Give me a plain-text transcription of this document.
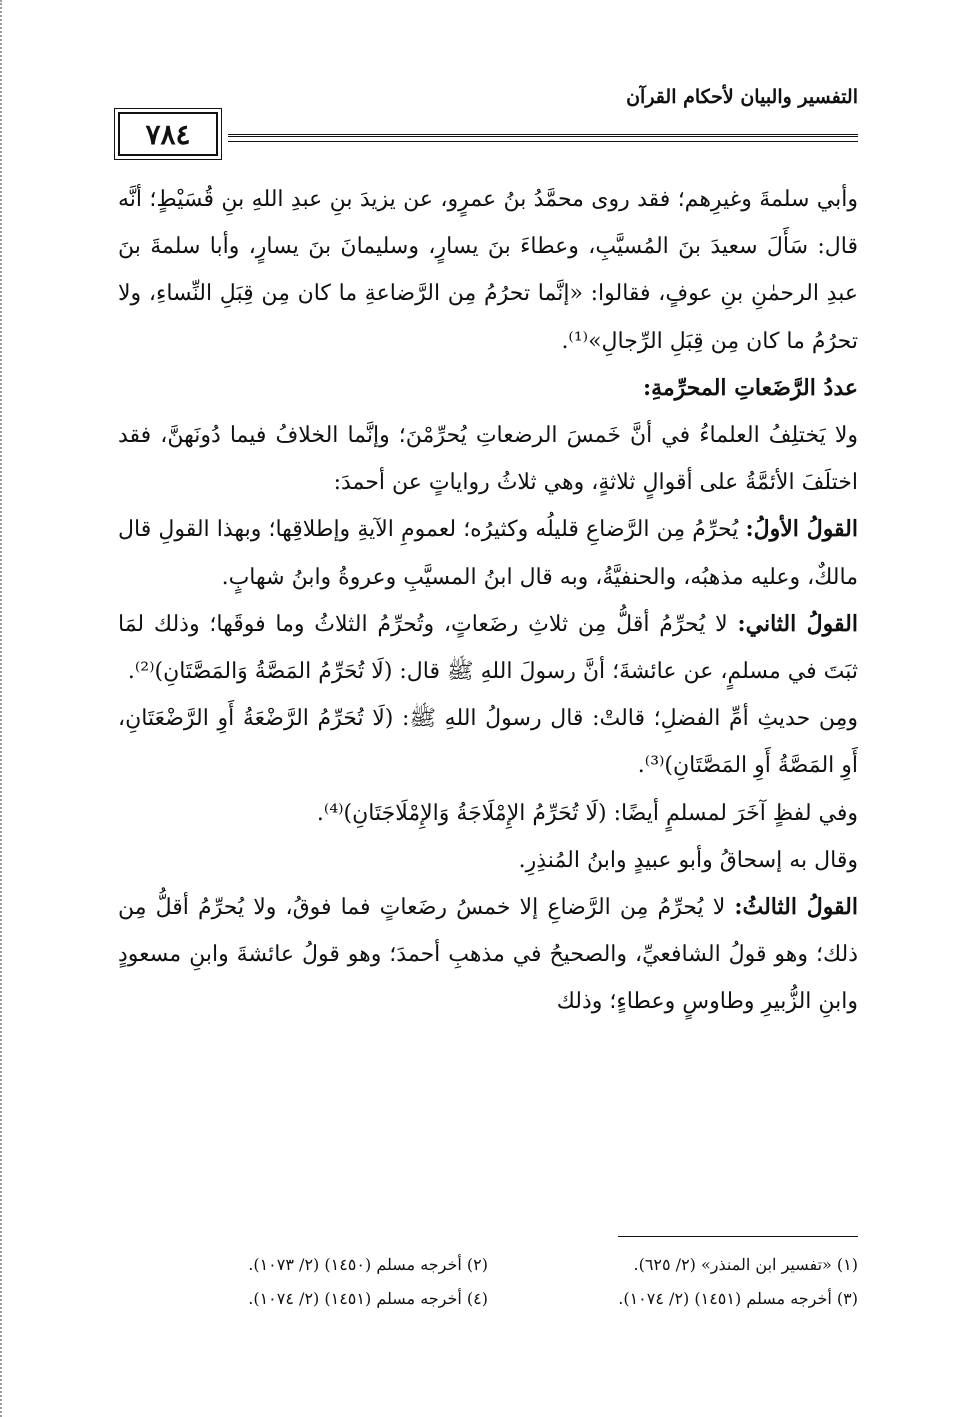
التفسير والبيان لأحكام القرآن
٧٨٤

وأبي سلمةَ وغيرِهم؛ فقد روى محمَّدُ بنُ عمرٍو، عن يزيدَ بنِ عبدِ اللهِ بنِ قُسَيْطٍ؛ أنَّه قال: سَأَلَ سعيدَ بنَ المُسيَّبِ، وعطاءَ بنَ يسارٍ، وسليمانَ بنَ يسارٍ، وأبا سلمةَ بنَ عبدِ الرحمٰنِ بنِ عوفٍ، فقالوا: «إنَّما تحرُمُ مِن الرَّضاعةِ ما كان مِن قِبَلِ النِّساءِ، ولا تحرُمُ ما كان مِن قِبَلِ الرِّجالِ»⁽¹⁾.

عددُ الرَّضَعاتِ المحرِّمةِ:

ولا يَختلِفُ العلماءُ في أنَّ خَمسَ الرضعاتِ يُحرِّمْنَ؛ وإنَّما الخلافُ فيما دُونَهنَّ، فقد اختلَفَ الأئمَّةُ على أقوالٍ ثلاثةٍ، وهي ثلاثُ رواياتٍ عن أحمدَ:

القولُ الأولُ: يُحرِّمُ مِن الرَّضاعِ قليلُه وكثيرُه؛ لعمومِ الآيةِ وإطلاقِها؛ وبهذا القولِ قال مالكٌ، وعليه مذهبُه، والحنفيَّةُ، وبه قال ابنُ المسيَّبِ وعروةُ وابنُ شهابٍ.

القولُ الثاني: لا يُحرِّمُ أقلُّ مِن ثلاثِ رضَعاتٍ، وتُحرِّمُ الثلاثُ وما فوقَها؛ وذلك لمَا ثبَتَ في مسلمٍ، عن عائشةَ؛ أنَّ رسولَ اللهِ ﷺ قال: (لَا تُحَرِّمُ المَصَّةُ وَالمَصَّتَانِ)⁽²⁾.

ومِن حديثِ أمِّ الفضلِ؛ قالتْ: قال رسولُ اللهِ ﷺ: (لَا تُحَرِّمُ الرَّضْعَةُ أَوِ الرَّضْعَتَانِ، أَوِ المَصَّةُ أَوِ المَصَّتَانِ)⁽³⁾.

وفي لفظٍ آخَرَ لمسلمٍ أيضًا: (لَا تُحَرِّمُ الإِمْلَاجَةُ وَالإِمْلَاجَتَانِ)⁽⁴⁾.

وقال به إسحاقُ وأبو عبيدٍ وابنُ المُنذِرِ.

القولُ الثالثُ: لا يُحرِّمُ مِن الرَّضاعِ إلا خمسُ رضَعاتٍ فما فوقُ، ولا يُحرِّمُ أقلُّ مِن ذلك؛ وهو قولُ الشافعيِّ، والصحيحُ في مذهبِ أحمدَ؛ وهو قولُ عائشةَ وابنِ مسعودٍ وابنِ الزُّبيرِ وطاوسٍ وعطاءٍ؛ وذلك

(١) «تفسير ابن المنذر» (٢/ ٦٢٥).
(٢) أخرجه مسلم (١٤٥٠) (٢/ ١٠٧٣).
(٣) أخرجه مسلم (١٤٥١) (٢/ ١٠٧٤).
(٤) أخرجه مسلم (١٤٥١) (٢/ ١٠٧٤).
